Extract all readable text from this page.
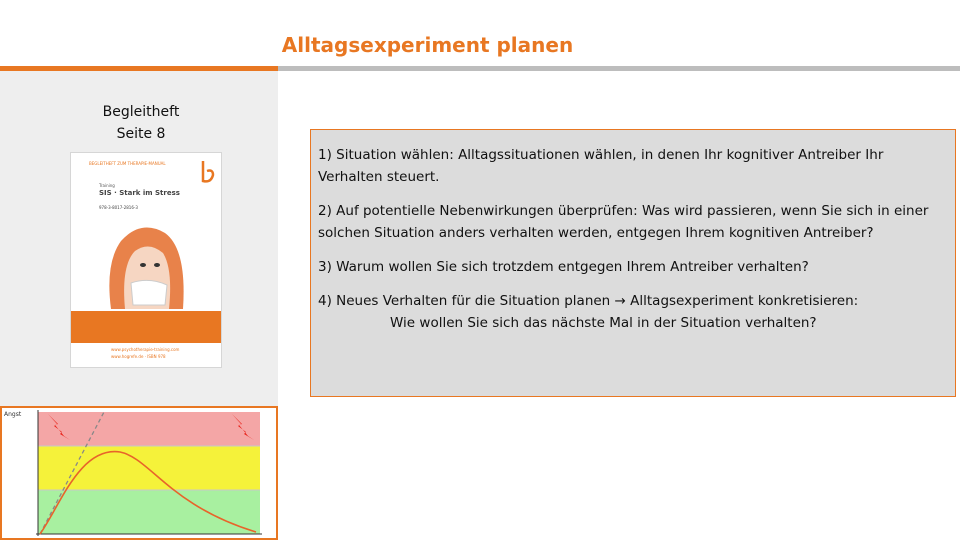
Alltagsexperiment planen
Begleitheft
Seite 8
BEGLEITHEFT ZUM THERAPIE-MANUAL
Training
SIS · Stark im Stress
978-3-8017-2816-3
www.psychotherapie-training.com
www.hogrefe.de · ISBN 978

1) Situation wählen: Alltagssituationen wählen, in denen Ihr kognitiver Antreiber Ihr Verhalten steuert.

2) Auf potentielle Nebenwirkungen überprüfen: Was wird passieren, wenn Sie sich in einer solchen Situation anders verhalten werden, entgegen Ihrem kognitiven Antreiber?

3) Warum wollen Sie sich trotzdem entgegen Ihrem Antreiber verhalten?

4) Neues Verhalten für die Situation planen → Alltagsexperiment konkretisieren:

Wie wollen Sie sich das nächste Mal in der Situation verhalten?
Angst
